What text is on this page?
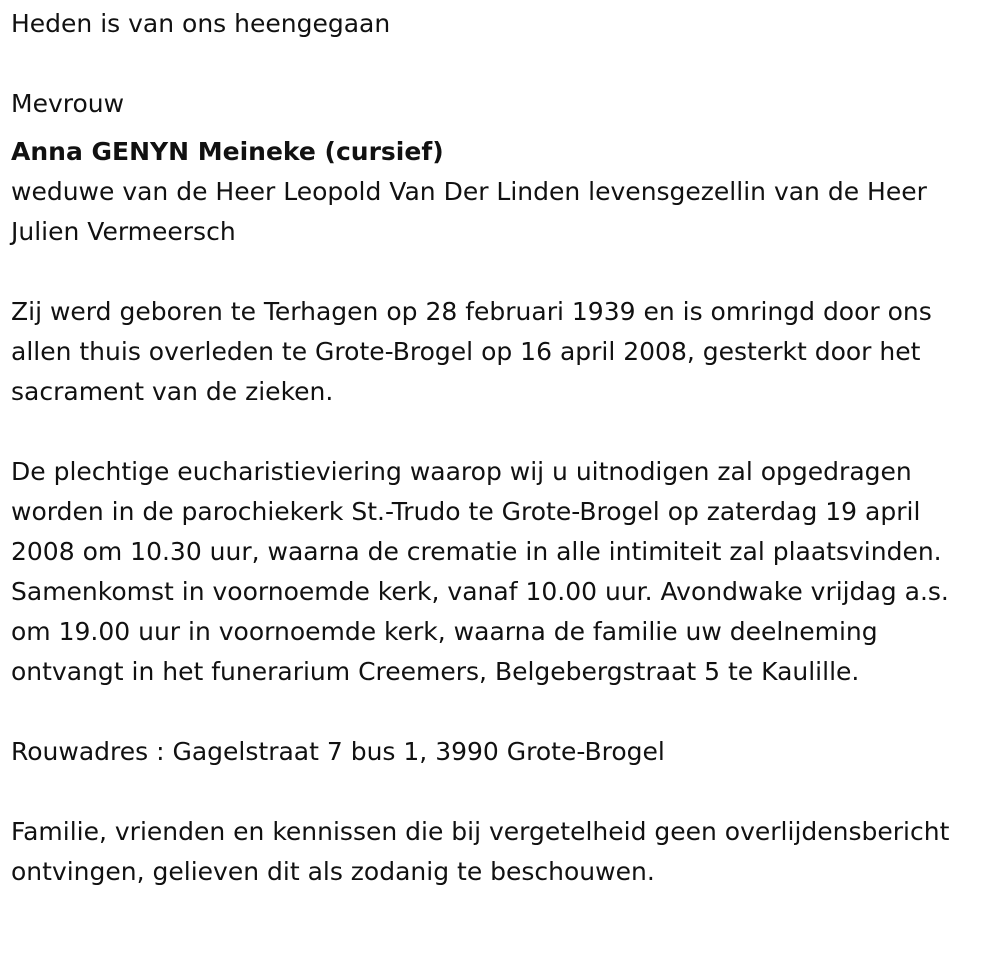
Heden is van ons heengegaan

Mevrouw

Anna GENYN Meineke (cursief)

weduwe van de Heer Leopold Van Der Linden levensgezellin van de Heer Julien Vermeersch

Zij werd geboren te Terhagen op 28 februari 1939 en is omringd door ons allen thuis overleden te Grote-Brogel op 16 april 2008, gesterkt door het sacrament van de zieken.

De plechtige eucharistieviering waarop wij u uitnodigen zal opgedragen worden in de parochiekerk St.-Trudo te Grote-Brogel op zaterdag 19 april 2008 om 10.30 uur, waarna de crematie in alle intimiteit zal plaatsvinden. Samenkomst in voornoemde kerk, vanaf 10.00 uur. Avondwake vrijdag a.s. om 19.00 uur in voornoemde kerk, waarna de familie uw deelneming ontvangt in het funerarium Creemers, Belgebergstraat 5 te Kaulille.

Rouwadres : Gagelstraat 7 bus 1, 3990 Grote-Brogel

Familie, vrienden en kennissen die bij vergetelheid geen overlijdensbericht ontvingen, gelieven dit als zodanig te beschouwen.
